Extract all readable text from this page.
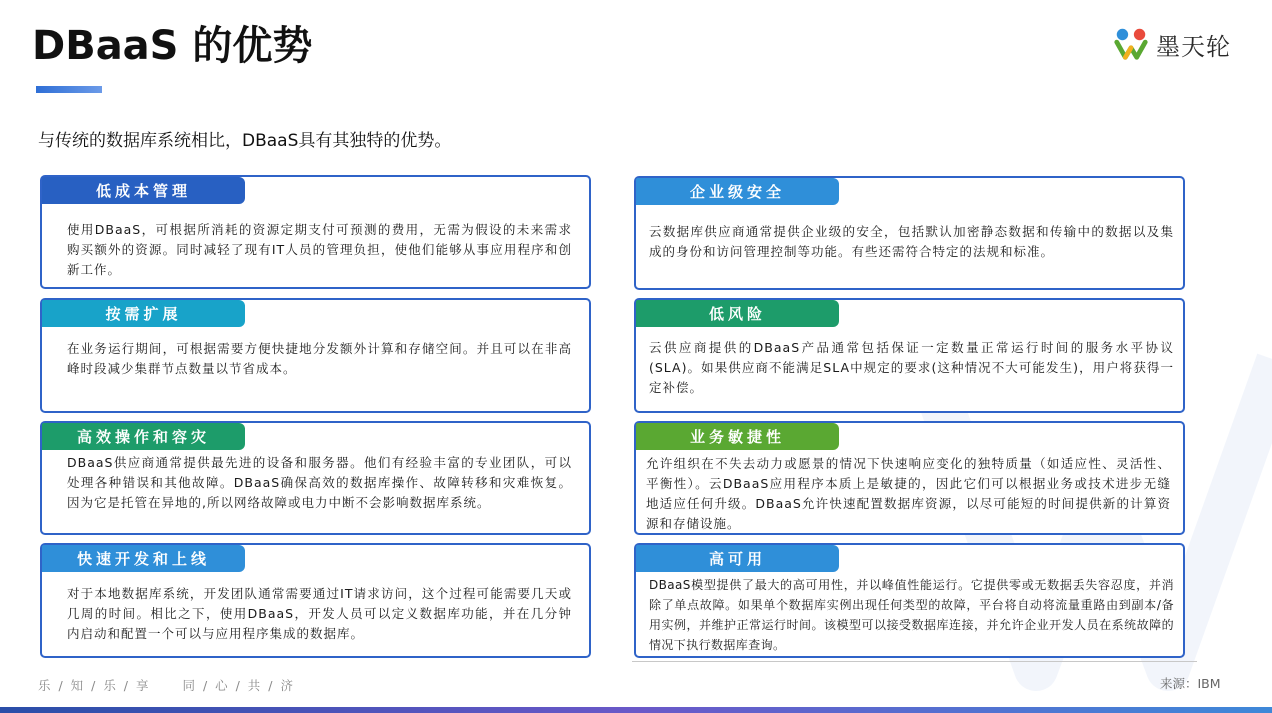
DBaaS 的优势	墨天轮
与传统的数据库系统相比，DBaaS具有其独特的优势。
低成本管理
使用DBaaS，可根据所消耗的资源定期支付可预测的费用，无需为假设的未来需求购买额外的资源。同时减轻了现有IT人员的管理负担，使他们能够从事应用程序和创新工作。
企业级安全
云数据库供应商通常提供企业级的安全，包括默认加密静态数据和传输中的数据以及集成的身份和访问管理控制等功能。有些还需符合特定的法规和标准。
按需扩展
在业务运行期间，可根据需要方便快捷地分发额外计算和存储空间。并且可以在非高峰时段减少集群节点数量以节省成本。
低风险
云供应商提供的DBaaS产品通常包括保证一定数量正常运行时间的服务水平协议(SLA)。如果供应商不能满足SLA中规定的要求(这种情况不大可能发生)，用户将获得一定补偿。
高效操作和容灾
DBaaS供应商通常提供最先进的设备和服务器。他们有经验丰富的专业团队，可以处理各种错误和其他故障。DBaaS确保高效的数据库操作、故障转移和灾难恢复。因为它是托管在异地的,所以网络故障或电力中断不会影响数据库系统。
业务敏捷性
允许组织在不失去动力或愿景的情况下快速响应变化的独特质量（如适应性、灵活性、平衡性）。云DBaaS应用程序本质上是敏捷的，因此它们可以根据业务或技术进步无缝地适应任何升级。DBaaS允许快速配置数据库资源，以尽可能短的时间提供新的计算资源和存储设施。
快速开发和上线
对于本地数据库系统，开发团队通常需要通过IT请求访问，这个过程可能需要几天或几周的时间。相比之下，使用DBaaS，开发人员可以定义数据库功能，并在几分钟内启动和配置一个可以与应用程序集成的数据库。
高可用
DBaaS模型提供了最大的高可用性，并以峰值性能运行。它提供零或无数据丢失容忍度，并消除了单点故障。如果单个数据库实例出现任何类型的故障，平台将自动将流量重路由到副本/备用实例，并维护正常运行时间。该模型可以接受数据库连接，并允许企业开发人员在系统故障的情况下执行数据库查询。
乐 / 知 / 乐 / 享	同 / 心 / 共 / 济	来源：IBM
